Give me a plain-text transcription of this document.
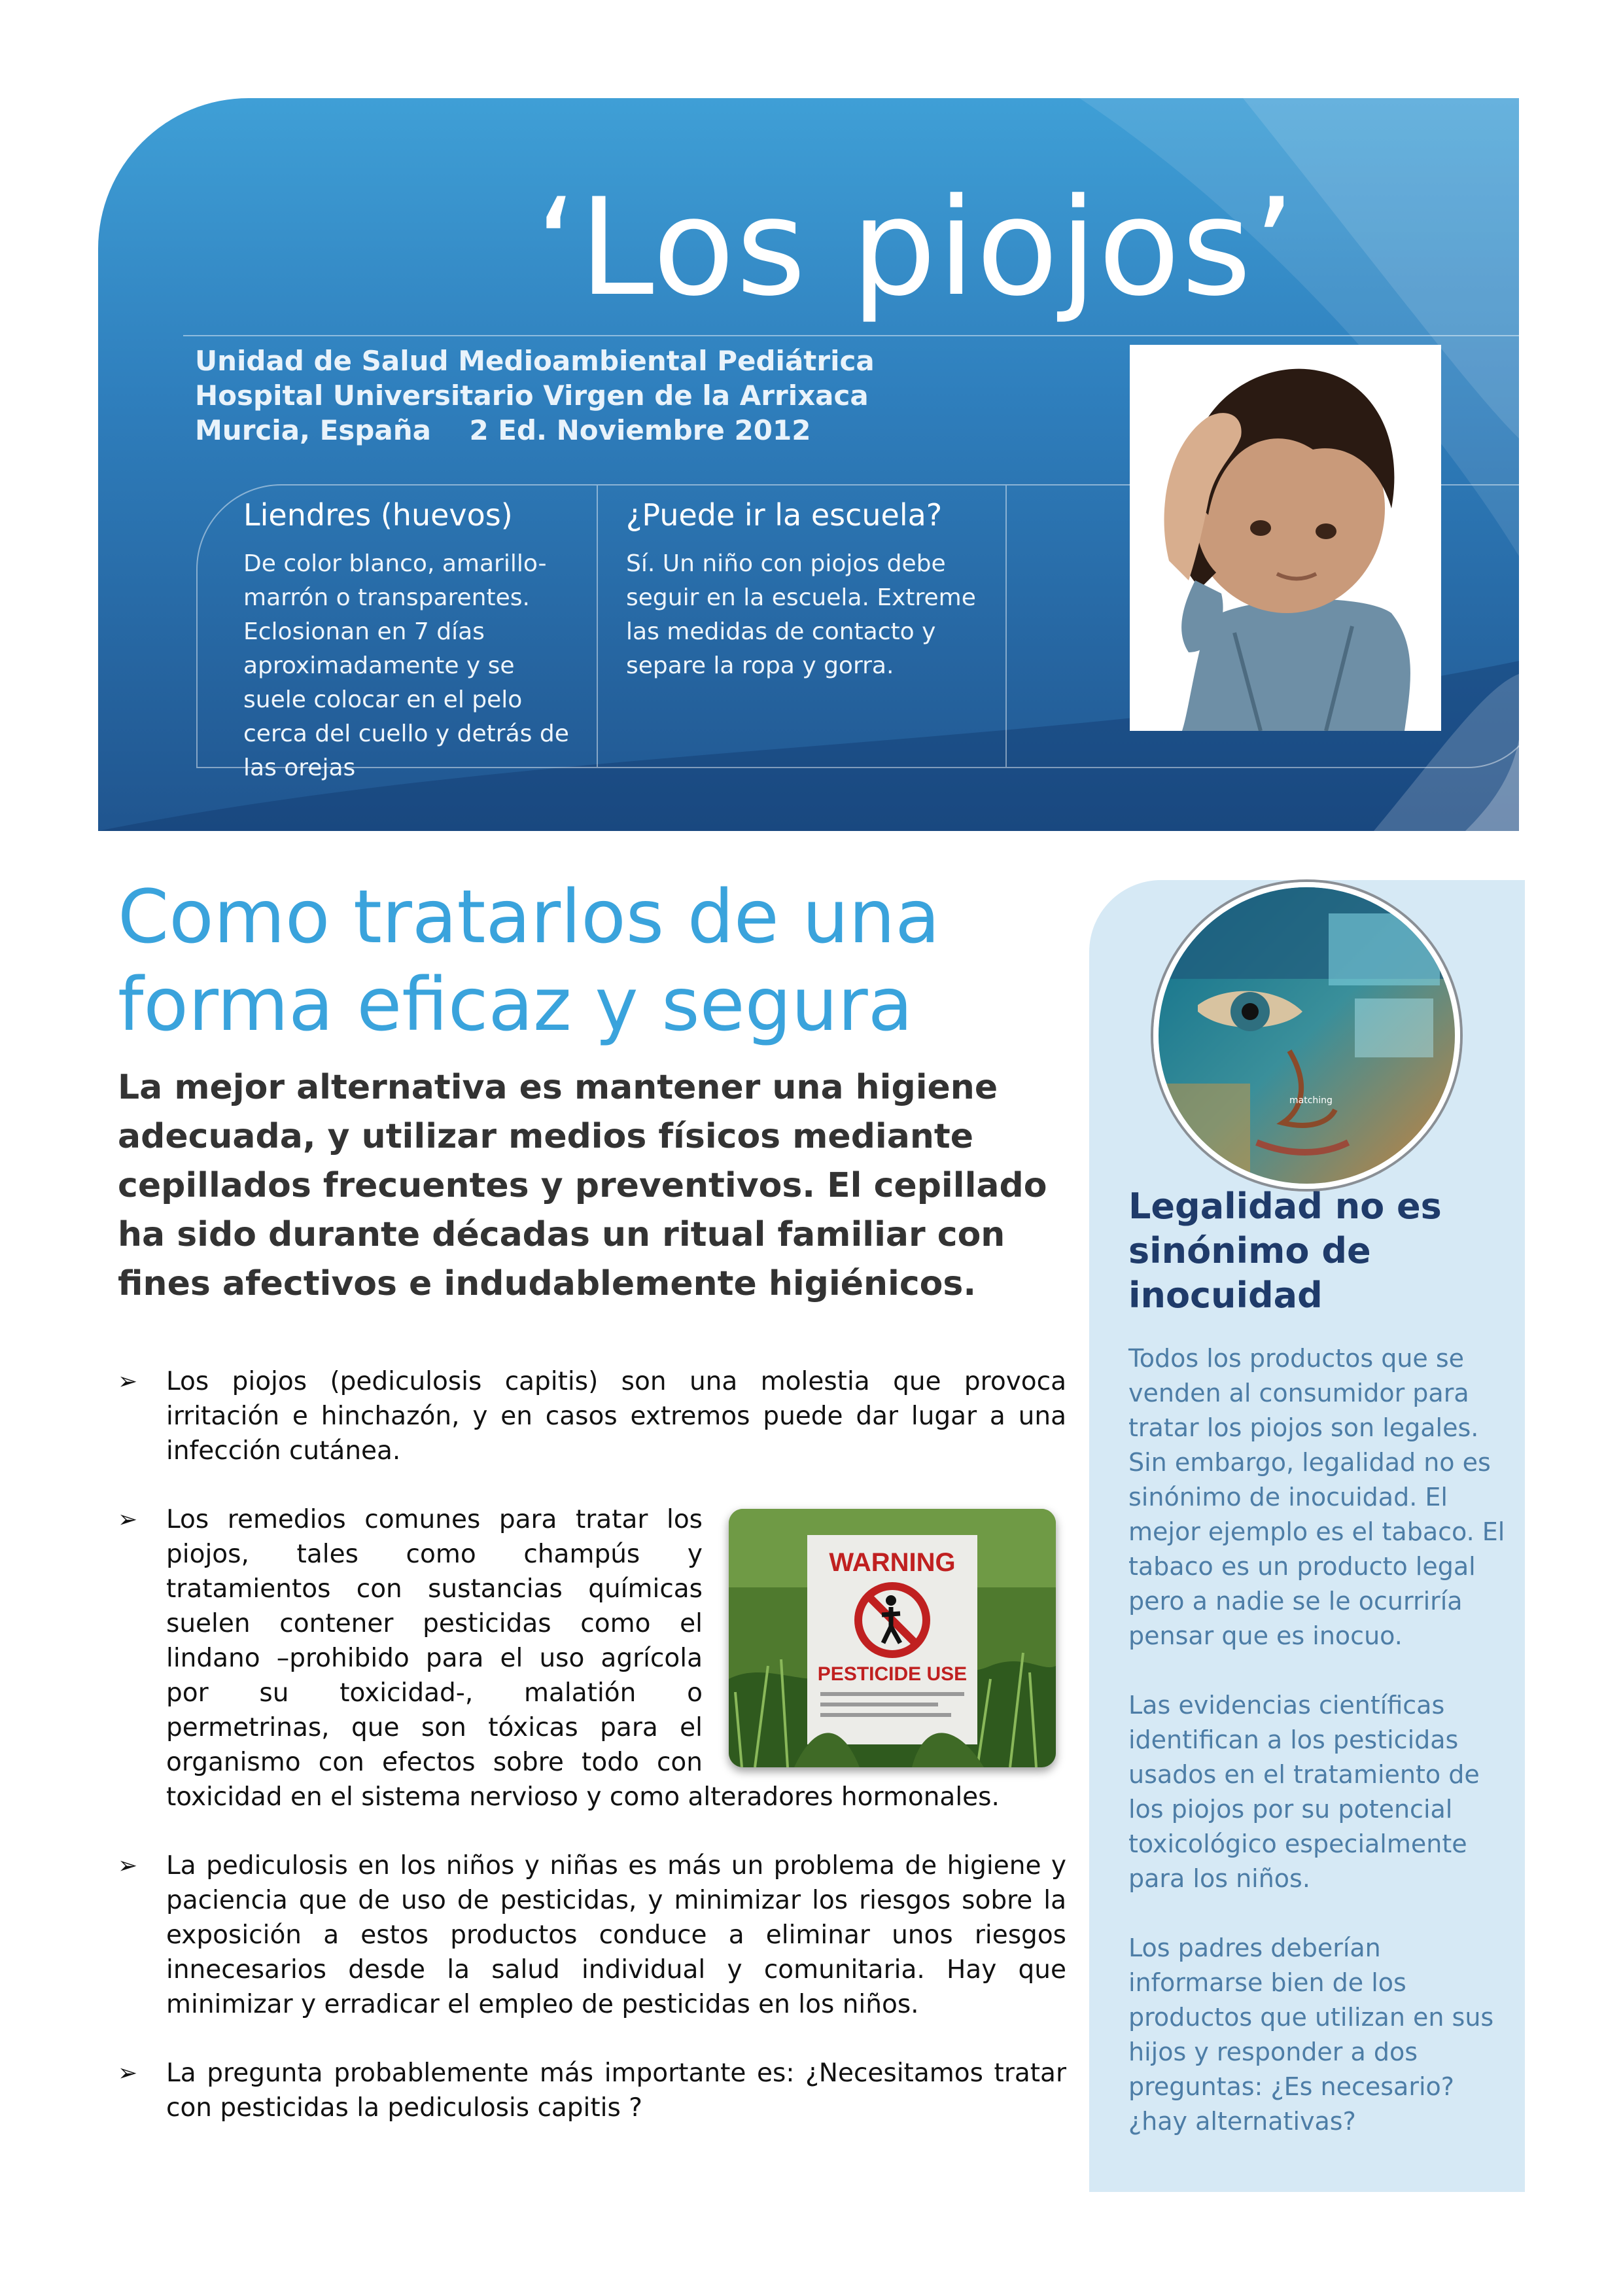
‘Los piojos’
Unidad de Salud Medioambiental Pediátrica
Hospital Universitario Virgen de la Arrixaca
Murcia, España    2 Ed. Noviembre 2012
Liendres (huevos)

De color blanco, amarillo-marrón o transparentes. Eclosionan en 7 días aproximadamente y se suele colocar en el pelo cerca del cuello y detrás de las orejas

¿Puede ir la escuela?

Sí. Un niño con piojos debe seguir en la escuela. Extreme las medidas de contacto y separe la ropa y gorra.

Como tratarlos de una forma eficaz y segura
La mejor alternativa es mantener una higiene adecuada, y utilizar medios físicos mediante cepillados frecuentes y preventivos. El cepillado ha sido durante décadas un ritual familiar con fines afectivos e indudablemente higiénicos.
➢ Los piojos (pediculosis capitis) son una molestia que provoca irritación e hinchazón, y en casos extremos puede dar lugar a una infección cutánea.
➢
WARNING
PESTICIDE USE
Los remedios comunes para tratar los piojos, tales como champús y tratamientos con sustancias químicas suelen contener pesticidas como el lindano –prohibido para el uso agrícola por su toxicidad-, malatión o permetrinas, que son tóxicas para el organismo con efectos sobre todo con toxicidad en el sistema nervioso y como alteradores hormonales.
➢ La pediculosis en los niños y niñas es más un problema de higiene y paciencia que de uso de pesticidas, y minimizar los riesgos sobre la exposición a estos productos conduce a eliminar unos riesgos innecesarios desde la salud individual y comunitaria. Hay que minimizar y erradicar el empleo de pesticidas en los niños.
➢ La pregunta probablemente más importante es: ¿Necesitamos tratar con pesticidas la pediculosis capitis ?
matching
Legalidad no es sinónimo de inocuidad

Todos los productos que se venden al consumidor para tratar los piojos son legales. Sin embargo, legalidad no es sinónimo de inocuidad. El mejor ejemplo es el tabaco. El tabaco es un producto legal pero a nadie se le ocurriría pensar que es inocuo.

Las evidencias científicas identifican a los pesticidas usados en el tratamiento de los piojos por su potencial toxicológico especialmente para los niños.

Los padres deberían informarse bien de los productos que utilizan en sus hijos y responder a dos preguntas: ¿Es necesario? ¿hay alternativas?
